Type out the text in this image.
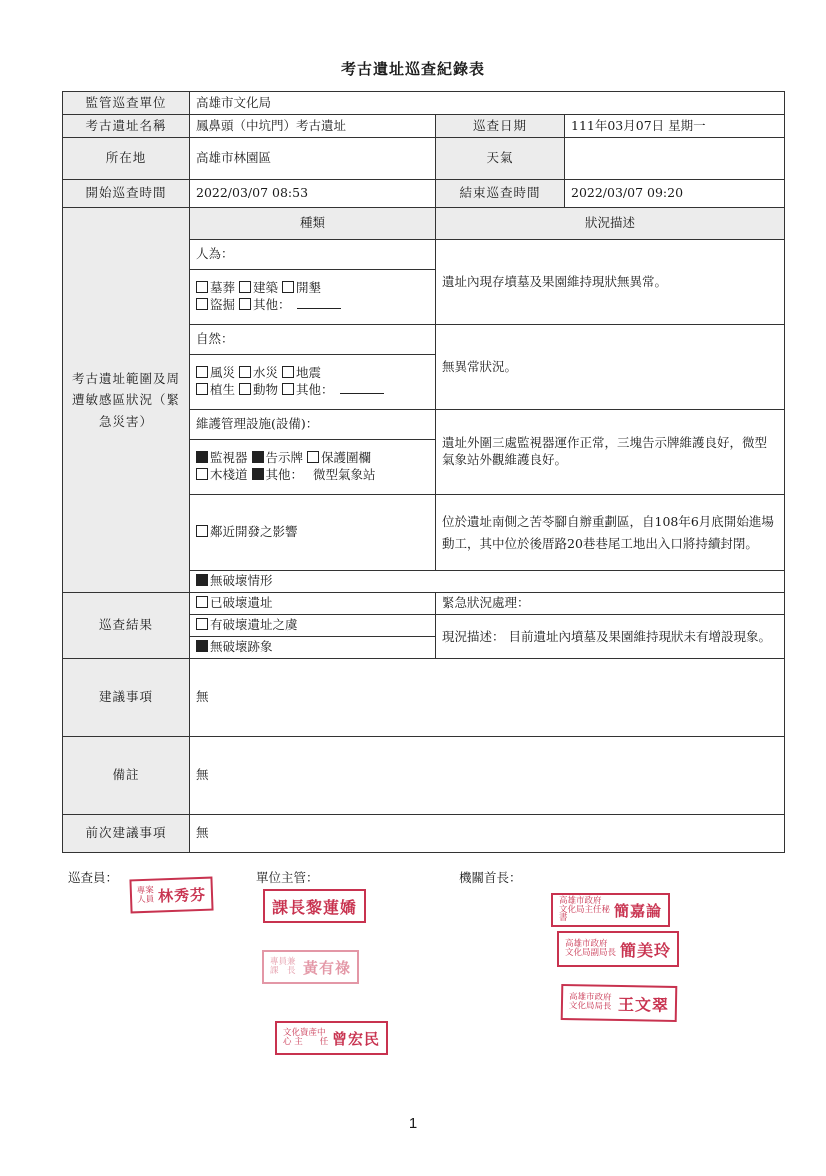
考古遺址巡查紀錄表
監管巡查單位	高雄市文化局		
考古遺址名稱	鳳鼻頭（中坑門）考古遺址	巡查日期	111年03月07日 星期一
所在地	高雄市林園區	天氣	
開始巡查時間	2022/03/07 08:53	結束巡查時間	2022/03/07 09:20
考古遺址範圍及周遭敏感區狀況（緊急災害）	種類	狀況描述	
	人為：	遺址內現存墳墓及果園維持現狀無異常。	

	墓葬 建築 開墾
盜掘 其他：		

	自然：	無異常狀況。	

	風災 水災 地震
植生 動物 其他：		

	維護管理設施(設備)：	遺址外圍三處監視器運作正常，三塊告示牌維護良好，微型氣象站外觀維護良好。	

	監視器 告示牌 保護圍欄
木棧道 其他： 微型氣象站		

	鄰近開發之影響	位於遺址南側之苦苓腳自辦重劃區，自108年6月底開始進場動工，其中位於後厝路20巷巷尾工地出入口將持續封閉。	
	無破壞情形		
巡查結果	已破壞遺址	緊急狀況處理：	
	有破壞遺址之虞	現況描述： 目前遺址內墳墓及果園維持現狀未有增設現象。	
	無破壞跡象		
建議事項	無		
備註	無		
前次建議事項	無		
巡查員：	單位主管：	機關首長：
專案 人員 林秀芬
課長黎蓮嬌
專員兼 課　長 黃有祿
文化資產中心 主　　任 曾宏民
高雄市政府 文化局主任秘書	簡嘉論
高雄市政府 文化局副局長 簡美玲
高雄市政府 文化局局長 王文翠
1
